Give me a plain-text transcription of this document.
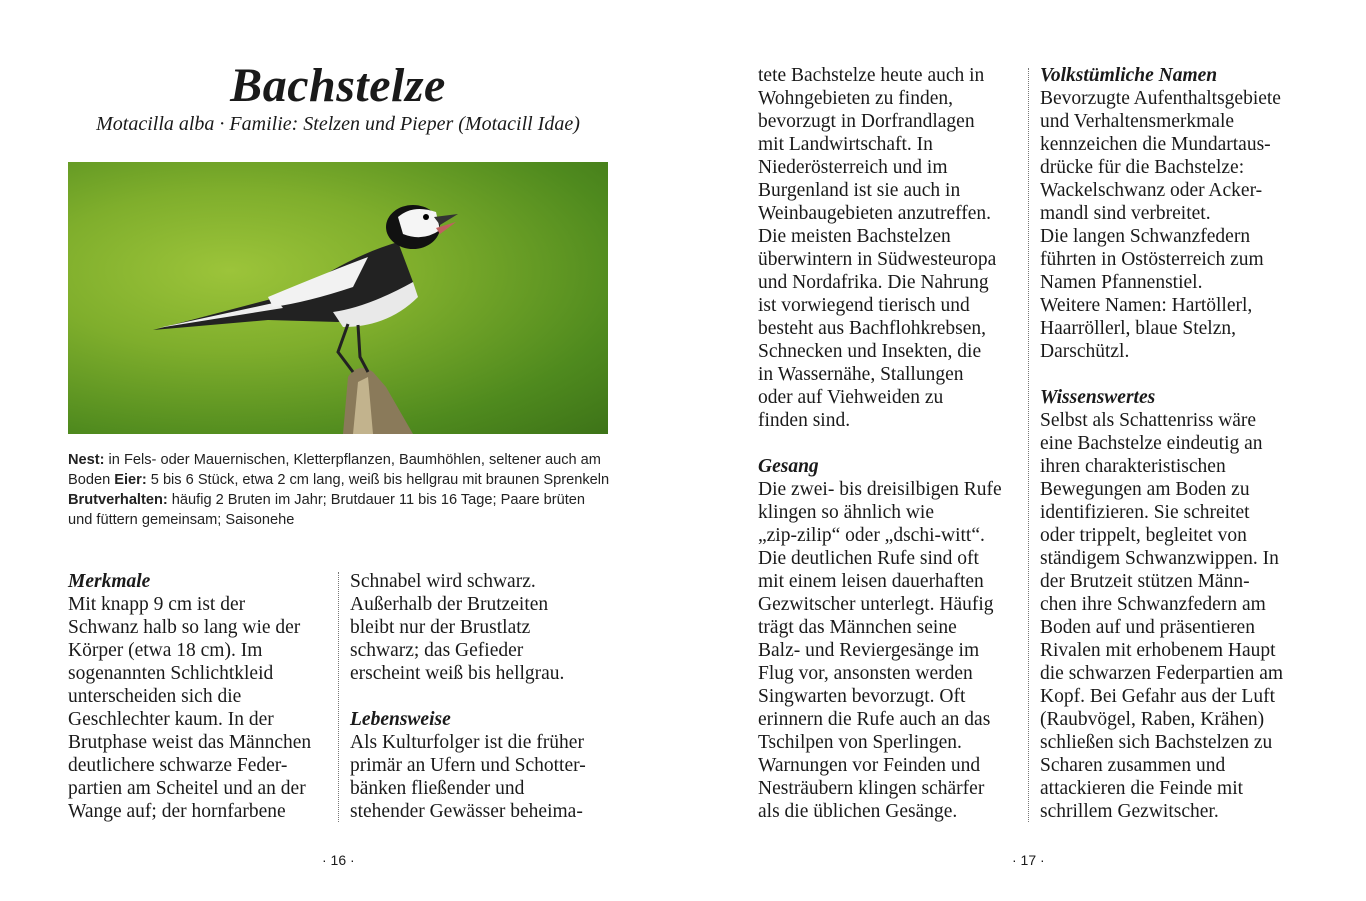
Bachstelze
Motacilla alba · Familie: Stelzen und Pieper (Motacill Idae)
Nest: in Fels- oder Mauernischen, Kletterpflanzen, Baumhöhlen, seltener auch am Boden Eier: 5 bis 6 Stück, etwa 2 cm lang, weiß bis hellgrau mit braunen Sprenkeln Brutverhalten: häufig 2 Bruten im Jahr; Brutdauer 11 bis 16 Tage; Paare brüten und füttern gemeinsam; Saisonehe
Merkmale
Mit knapp 9 cm ist der
Schwanz halb so lang wie der
Körper (etwa 18 cm). Im
sogenannten Schlichtkleid
unterscheiden sich die
Geschlechter kaum. In der
Brutphase weist das Männchen
deutlichere schwarze Feder-
partien am Scheitel und an der
Wange auf; der hornfarbene
Schnabel wird schwarz.
Außerhalb der Brutzeiten
bleibt nur der Brustlatz
schwarz; das Gefieder
erscheint weiß bis hellgrau.
Lebensweise
Als Kulturfolger ist die früher
primär an Ufern und Schotter-
bänken fließender und
stehender Gewässer beheima-
· 16 ·
tete Bachstelze heute auch in
Wohngebieten zu finden,
bevorzugt in Dorfrandlagen
mit Landwirtschaft. In
Niederösterreich und im
Burgenland ist sie auch in
Weinbaugebieten anzutreffen.
Die meisten Bachstelzen
überwintern in Südwesteuropa
und Nordafrika. Die Nahrung
ist vorwiegend tierisch und
besteht aus Bachflohkrebsen,
Schnecken und Insekten, die
in Wassernähe, Stallungen
oder auf Viehweiden zu
finden sind.
Gesang
Die zwei- bis dreisilbigen Rufe
klingen so ähnlich wie
„zip-zilip“ oder „dschi-witt“.
Die deutlichen Rufe sind oft
mit einem leisen dauerhaften
Gezwitscher unterlegt. Häufig
trägt das Männchen seine
Balz- und Reviergesänge im
Flug vor, ansonsten werden
Singwarten bevorzugt. Oft
erinnern die Rufe auch an das
Tschilpen von Sperlingen.
Warnungen vor Feinden und
Nesträubern klingen schärfer
als die üblichen Gesänge.
Volkstümliche Namen
Bevorzugte Aufenthaltsgebiete
und Verhaltensmerkmale
kennzeichen die Mundartaus-
drücke für die Bachstelze:
Wackelschwanz oder Acker-
mandl sind verbreitet.
Die langen Schwanzfedern
führten in Ostösterreich zum
Namen Pfannenstiel.
Weitere Namen: Hartöllerl,
Haarröllerl, blaue Stelzn,
Darschützl.
Wissenswertes
Selbst als Schattenriss wäre
eine Bachstelze eindeutig an
ihren charakteristischen
Bewegungen am Boden zu
identifizieren. Sie schreitet
oder trippelt, begleitet von
ständigem Schwanzwippen. In
der Brutzeit stützen Männ-
chen ihre Schwanzfedern am
Boden auf und präsentieren
Rivalen mit erhobenem Haupt
die schwarzen Federpartien am
Kopf. Bei Gefahr aus der Luft
(Raubvögel, Raben, Krähen)
schließen sich Bachstelzen zu
Scharen zusammen und
attackieren die Feinde mit
schrillem Gezwitscher.
· 17 ·
